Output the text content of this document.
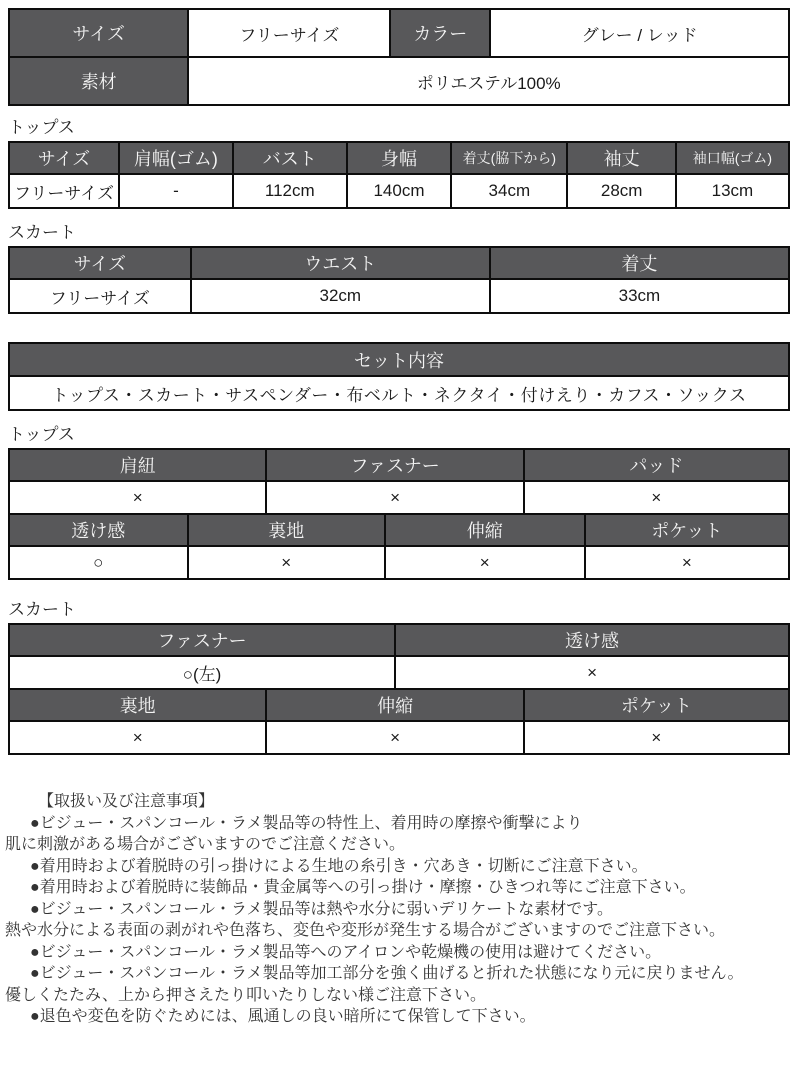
サイズ	フリーサイズ	カラー	グレー / レッド
素材	ポリエステル100%		
トップス
サイズ	肩幅(ゴム)	バスト	身幅	着丈(脇下から)	袖丈	袖口幅(ゴム)
フリーサイズ	-	112cm	140cm	34cm	28cm	13cm
スカート
サイズ	ウエスト	着丈
フリーサイズ	32cm	33cm
セット内容
トップス・スカート・サスペンダー・布ベルト・ネクタイ・付けえり・カフス・ソックス
トップス
肩紐	ファスナー	パッド
×	×	×
透け感	裏地	伸縮	ポケット
○	×	×	×
スカート
ファスナー	透け感
○(左)	×
裏地	伸縮	ポケット
×	×	×
【取扱い及び注意事項】
●ビジュー・スパンコール・ラメ製品等の特性上、着用時の摩擦や衝撃により
肌に刺激がある場合がございますのでご注意ください。
●着用時および着脱時の引っ掛けによる生地の糸引き・穴あき・切断にご注意下さい。
●着用時および着脱時に装飾品・貴金属等への引っ掛け・摩擦・ひきつれ等にご注意下さい。
●ビジュー・スパンコール・ラメ製品等は熱や水分に弱いデリケートな素材です。
熱や水分による表面の剥がれや色落ち、変色や変形が発生する場合がございますのでご注意下さい。
●ビジュー・スパンコール・ラメ製品等へのアイロンや乾燥機の使用は避けてください。
●ビジュー・スパンコール・ラメ製品等加工部分を強く曲げると折れた状態になり元に戻りません。
優しくたたみ、上から押さえたり叩いたりしない様ご注意下さい。
●退色や変色を防ぐためには、風通しの良い暗所にて保管して下さい。
